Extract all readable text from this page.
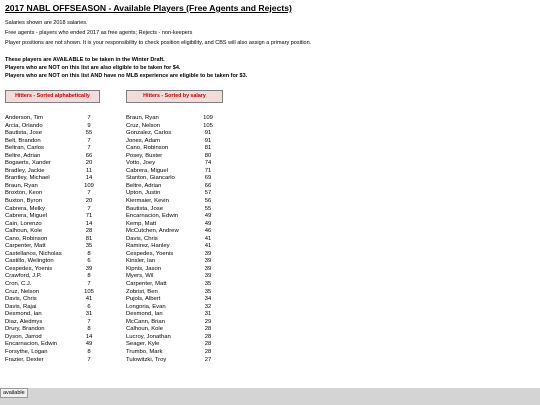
2017 NABL OFFSEASON - Available Players (Free Agents and Rejects)
Salaries shown are 2018 salaries.
Free agents - players who ended 2017 as free agents; Rejects - non-keepers
Player positions are not shown. It is your responsibility to check position eligibility, and CBS will also assign a primary position.
These players are AVAILABLE to be taken in the Winter Draft.
Players who are NOT on this list are also eligible to be taken for $4.
Players who are NOT on this list AND have no MLB experience are eligible to be taken for $3.
Hitters - Sorted alphabetically	Hitters - Sorted by salary
Anderson, Tim	7
Arcia, Orlando	9
Bautista, Jose	55
Belt, Brandon	7
Beltran, Carlos	7
Beltre, Adrian	66
Bogaerts, Xander	20
Bradley, Jackie	11
Brantley, Michael	14
Braun, Ryan	109
Broxton, Keon	7
Buxton, Byron	20
Cabrera, Melky	7
Cabrera, Miguel	71
Cain, Lorenzo	14
Calhoun, Kole	28
Cano, Robinson	81
Carpenter, Matt	35
Castellanos, Nicholas	8
Castillo, Welington	6
Cespedes, Yoenis	39
Crawford, J.P.	8
Cron, C.J.	7
Cruz, Nelson	105
Davis, Chris	41
Davis, Rajai	6
Desmond, Ian	31
Diaz, Aledmys	7
Drury, Brandon	8
Dyson, Jarrod	14
Encarnacion, Edwin	49
Forsythe, Logan	8
Frazier, Dexter	7
Braun, Ryan	109
Cruz, Nelson	105
Gonzalez, Carlos	91
Jones, Adam	91
Cano, Robinson	81
Posey, Buster	80
Votto, Joey	74
Cabrera, Miguel	71
Stanton, Giancarlo	69
Beltre, Adrian	66
Upton, Justin	57
Kiermaier, Kevin	56
Bautista, Jose	55
Encarnacion, Edwin	49
Kemp, Matt	49
McCutchen, Andrew	46
Davis, Chris	41
Ramirez, Hanley	41
Cespedes, Yoenis	39
Kinsler, Ian	39
Kipnis, Jason	39
Myers, Wil	39
Carpenter, Matt	35
Zobrist, Ben	35
Pujols, Albert	34
Longoria, Evan	32
Desmond, Ian	31
McCann, Brian	29
Calhoun, Kole	28
Lucroy, Jonathan	28
Seager, Kyle	28
Trumbo, Mark	28
Tulowitzki, Troy	27
available
